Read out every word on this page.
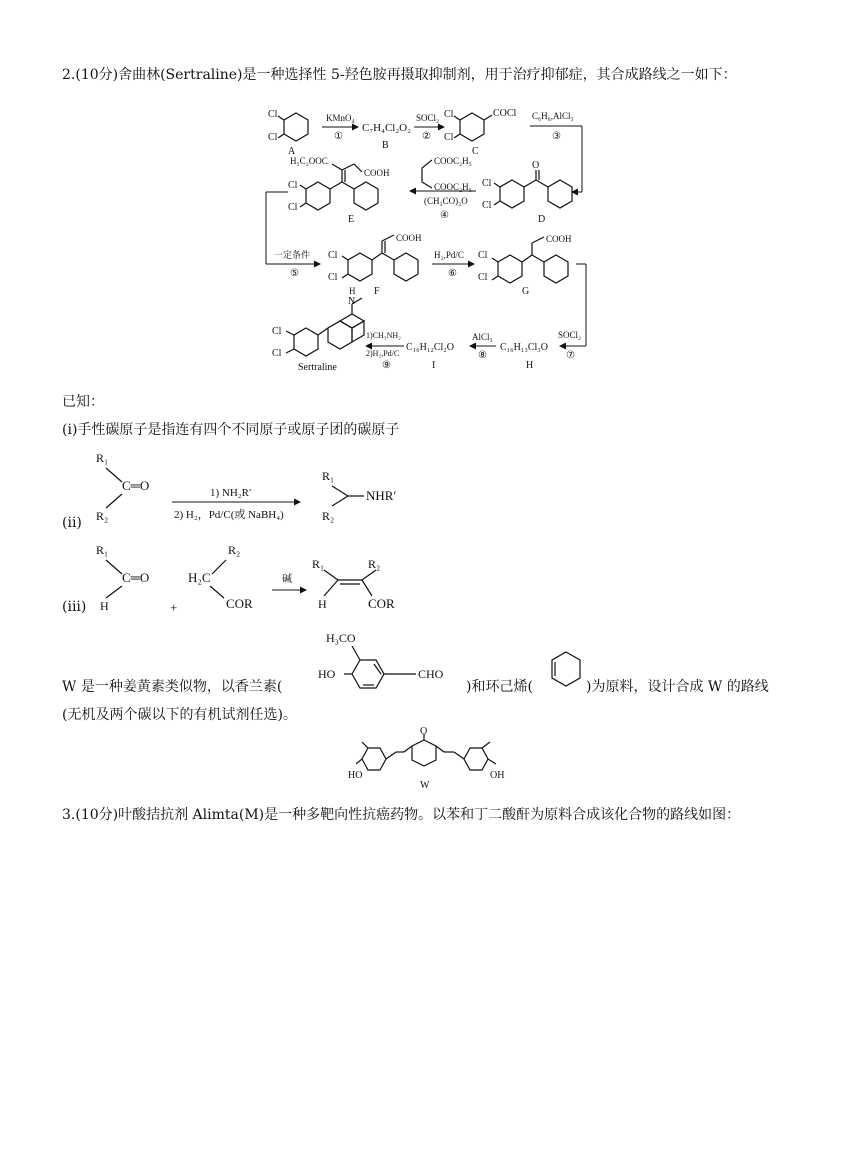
2.(10分)舍曲林(Sertraline)是一种选择性 5-羟色胺再摄取抑制剂，用于治疗抑郁症，其合成路线之一如下：
Cl
Cl
A
KMnO₄
①
C₇H₄Cl₂O₂
B
SOCl₂
②
Cl
Cl
COCl
C
C₆H₆,AlCl₃
③
O
Cl
Cl
D
COOC₂H₅
COOC₂H₅
(CH₃CO)₂O
④
H₅C₂OOC
COOH
Cl
Cl
E
一定条件
⑤
COOH
Cl
Cl
F
H₂,Pd/C
⑥
COOH
Cl
Cl
G
SOCl₂
⑦
C₁₆H₁₃Cl₃O
H
AlCl₃
⑧
C₁₆H₁₂Cl₂O
I
1)CH₃NH₂
2)H₂,Pd/C
⑨
N
H
Cl
Cl
Sertraline
已知：
(ⅰ)手性碳原子是指连有四个不同原子或原子团的碳原子
(ii)
R₁
C═O
R₂
1) NH₂R′
2) H₂，Pd/C(或 NaBH₄)
R₁
NHR′
R₂
(iii)
R₁
C═O
H	+
R₂
H₂C
COR
碱
R₁	R₂
H	COR
W 是一种姜黄素类似物，以香兰素(
H₃CO
HO	CHO
)和环己烯(	)为原料，设计合成 W 的路线
(无机及两个碳以下的有机试剂任选)。
HO
O
OH
W
3.(10分)叶酸拮抗剂 Alimta(M)是一种多靶向性抗癌药物。以苯和丁二酸酐为原料合成该化合物的路线如图：
